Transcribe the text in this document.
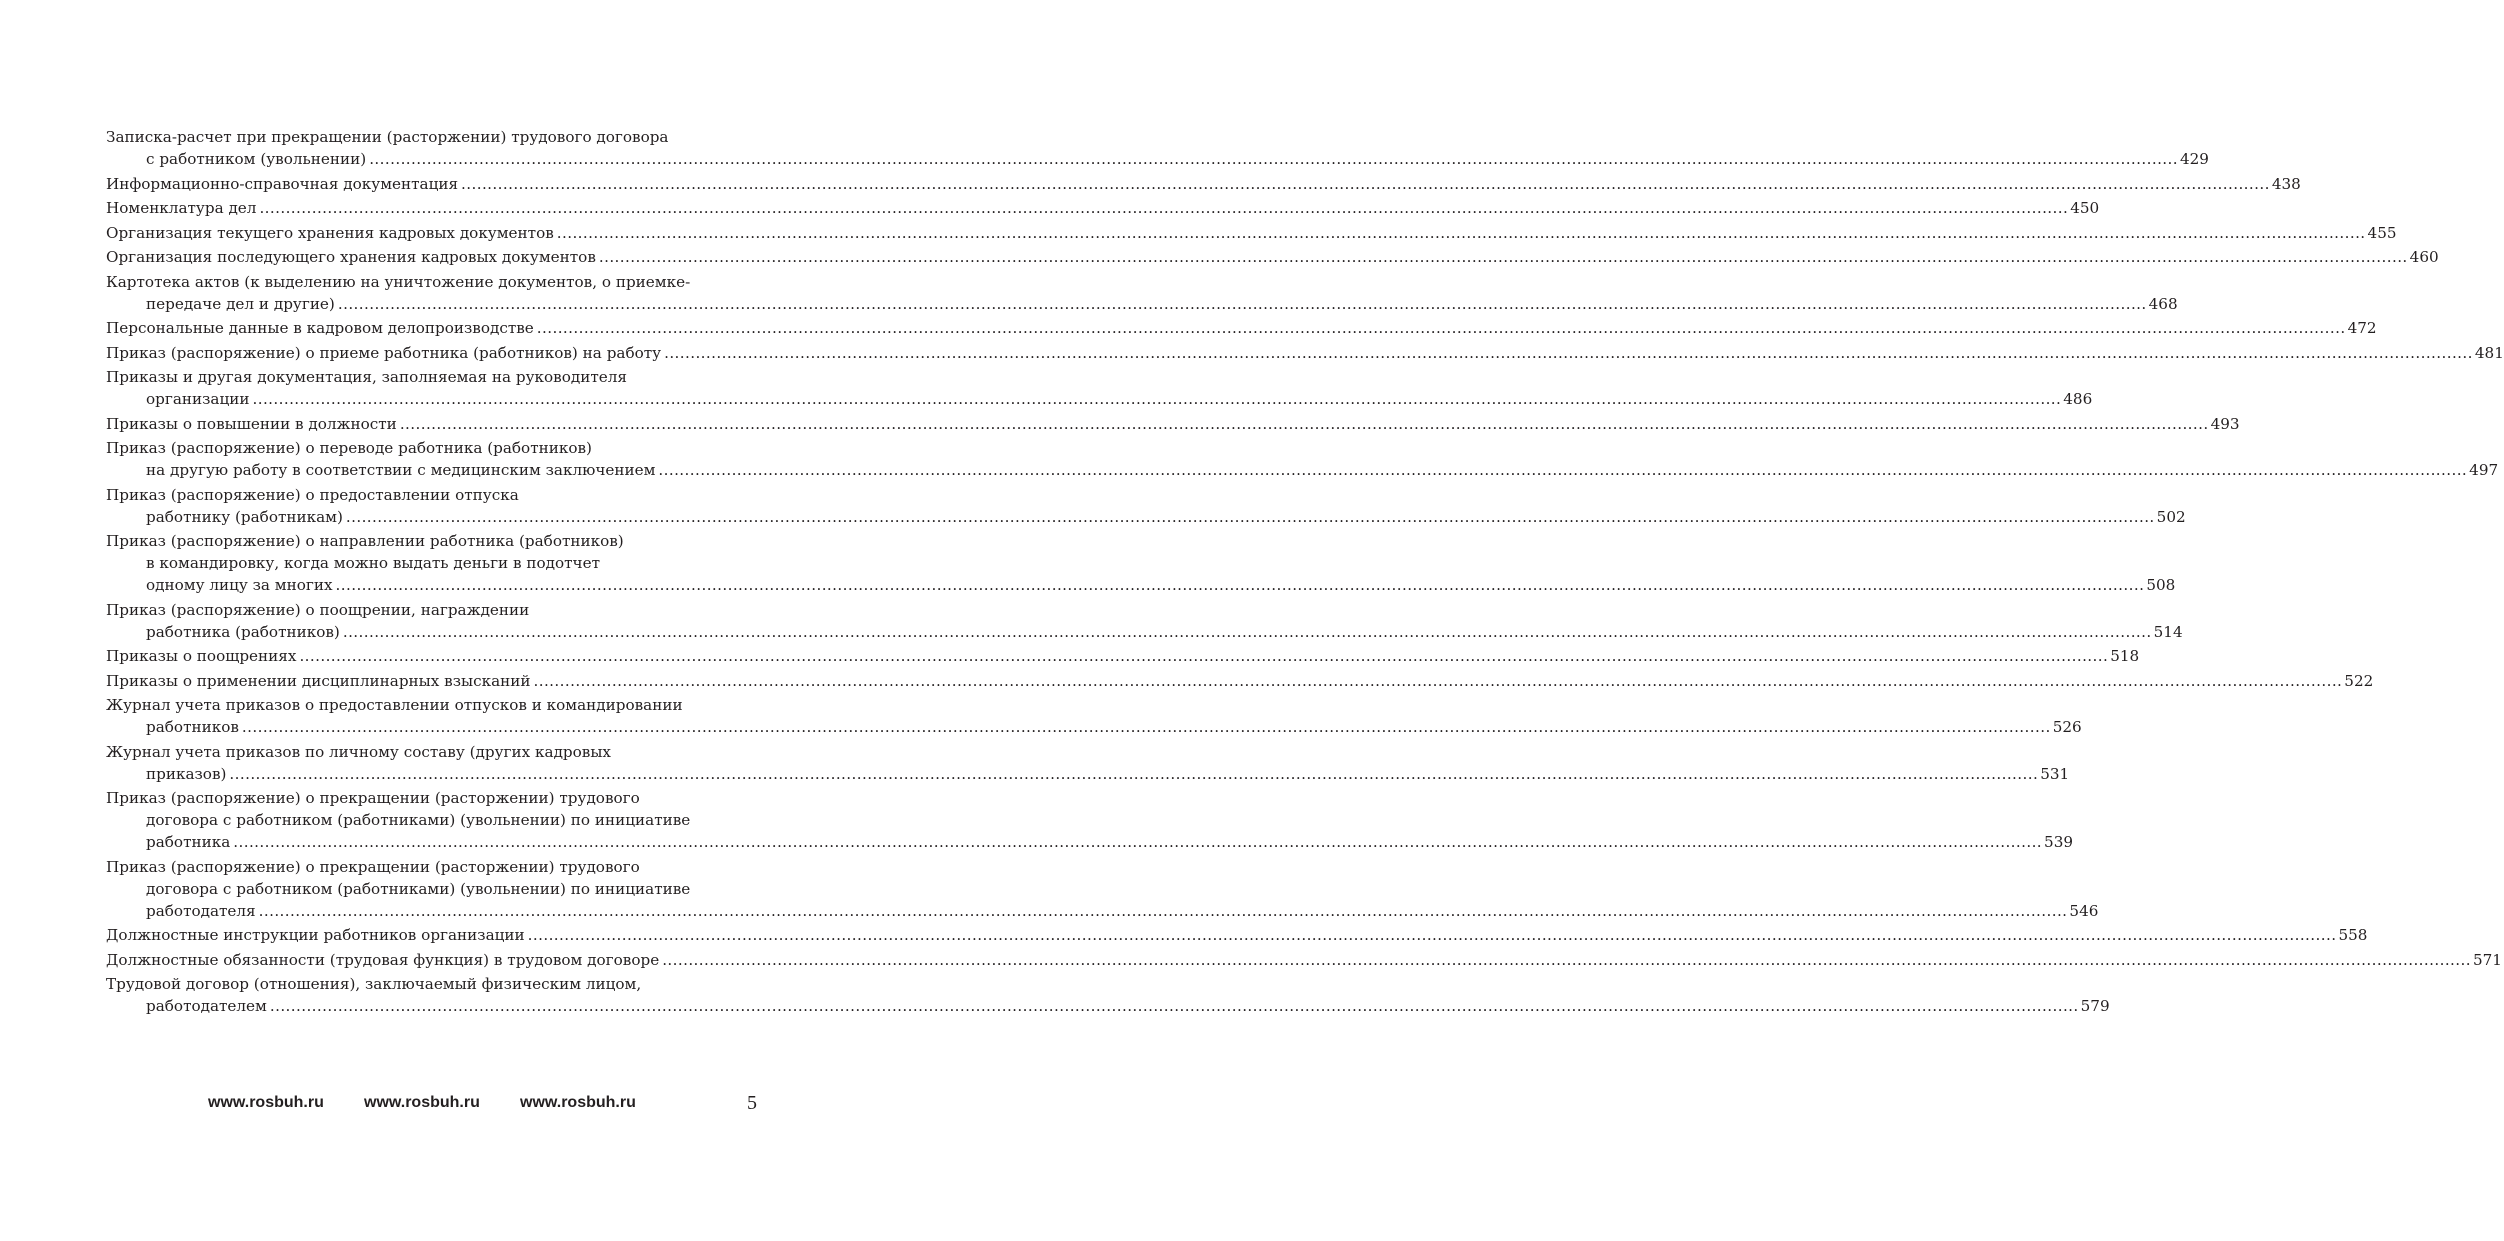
Записка-расчет при прекращении (расторжении) трудового договора
с работником (увольнении) .....	429
Информационно-справочная документация .....	438
Номенклатура дел .....	450
Организация текущего хранения кадровых документов .....	455
Организация последующего хранения кадровых документов .....	460
Картотека актов (к выделению на уничтожение документов, о приемке-
передаче дел и другие) .....	468
Персональные данные в кадровом делопроизводстве .....	472
Приказ (распоряжение) о приеме работника (работников) на работу .....	481
Приказы и другая документация, заполняемая на руководителя
организации .....	486
Приказы о повышении в должности .....	493
Приказ (распоряжение) о переводе работника (работников)
на другую работу в соответствии с медицинским заключением .....	497
Приказ (распоряжение) о предоставлении отпуска
работнику (работникам) .....	502
Приказ (распоряжение) о направлении работника (работников)
в командировку, когда можно выдать деньги в подотчет
одному лицу за многих .....	508
Приказ (распоряжение) о поощрении, награждении
работника (работников) .....	514
Приказы о поощрениях .....	518
Приказы о применении дисциплинарных взысканий .....	522
Журнал учета приказов о предоставлении отпусков и командировании
работников .....	526
Журнал учета приказов по личному составу (других кадровых
приказов) .....	531
Приказ (распоряжение) о прекращении (расторжении) трудового
договора с работником (работниками) (увольнении) по инициативе
работника .....	539
Приказ (распоряжение) о прекращении (расторжении) трудового
договора с работником (работниками) (увольнении) по инициативе
работодателя .....	546
Должностные инструкции работников организации .....	558
Должностные обязанности (трудовая функция) в трудовом договоре .....	571
Трудовой договор (отношения), заключаемый физическим лицом,
работодателем .....	579
www.rosbuh.ru	www.rosbuh.ru	www.rosbuh.ru	5
